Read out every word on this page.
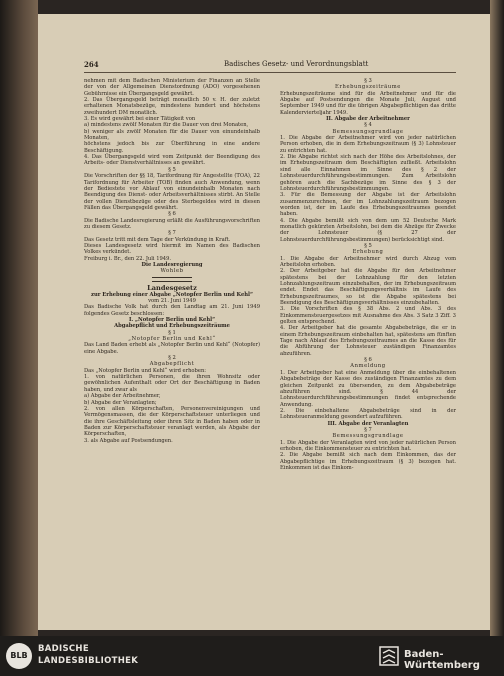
264	Badisches Gesetz- und Verordnungsblatt

nehmen mit dem Badischen Ministerium der Finanzen an Stelle der von der Allgemeinen Dienstordnung (ADO) vorgesehenen Gebührnisse ein Übergangsgeld gewährt.

2. Das Übergangsgeld beträgt monatlich 50 v. H. der zuletzt erhaltenen Monatsbezüge, mindestens hundert und höchstens zweihundert DM monatlich.

3. Es wird gewährt bei einer Tätigkeit von

a) mindestens zwölf Monaten für die Dauer von drei Monaten,

b) weniger als zwölf Monaten für die Dauer von einundeinhalb Monaten,

höchstens jedoch bis zur Überführung in eine andere Beschäftigung.

4. Das Übergangsgeld wird vom Zeitpunkt der Beendigung des Arbeits- oder Dienstverhältnisses an gewährt.

§ 5

Die Vorschriften der §§ 18, Tarifordnung für Angestellte (TOA), 22 Tarifordnung für Arbeiter (TOB) finden auch Anwendung, wenn der Bediestete vor Ablauf von einundeinhalb Monaten nach Beendigung des Dienst- oder Arbeitsverhältnisses stirbt. An Stelle der vollen Dienstbezüge oder des Sterbegeldes wird in diesen Fällen das Übergangsgeld gewährt.

§ 6

Die Badische Landesregierung erläßt die Ausführungsvorschriften zu diesem Gesetz.

§ 7

Das Gesetz tritt mit dem Tage der Verkündung in Kraft.

Dieses Landesgesetz wird hiermit im Namen des Badischen Volkes verkündet.

Freiburg i. Br., den 22. Juli 1949.

Die Landesregierung

Wohleb

Landesgesetz

zur Erhebung einer Abgabe „Notopfer Berlin und Kehl“

vom 21. Juni 1949

Das Badische Volk hat durch den Landtag am 21. Juni 1949 folgendes Gesetz beschlossen:

I. „Notopfer Berlin und Kehl“

Abgabepflicht und Erhebungszeiträume

§ 1

„Notopfer Berlin und Kehl“

Das Land Baden erhebt als „Notopfer Berlin und Kehl“ (Notopfer) eine Abgabe.

§ 2

Abgabepflicht

Das „Notopfer Berlin und Kehl“ wird erhoben:

1. von natürlichen Personen, die ihren Wohnsitz oder gewöhnlichen Aufenthalt oder Ort der Beschäftigung in Baden haben, und zwar als

a) Abgabe der Arbeitnehmer,

b) Abgabe der Veranlagten;

2. von allen Körperschaften, Personenvereinigungen und Vermögensmassen, die der Körperschaftsteuer unterliegen und die ihre Geschäftsleitung oder ihren Sitz in Baden haben oder in Baden zur Körperschaftsteuer veranlagt werden, als Abgabe der Körperschaften,

3. als Abgabe auf Postsendungen.

§ 3

Erhebungszeiträume

Erhebungszeiträume sind für die Arbeitnehmer und für die Abgabe auf Postsendungen die Monate Juli, August und September 1949 und für die übrigen Abgabepflichtigen das dritte Kalendervierteljahr 1949.

II. Abgabe der Arbeitnehmer

§ 4

Bemessungsgrundlage

1. Die Abgabe der Arbeitnehmer wird von jeder natürlichen Person erhoben, die in dem Erhebungszeitraum (§ 3) Lohnsteuer zu entrichten hat.

2. Die Abgabe richtet sich nach der Höhe des Arbeitslohnes, der im Erhebungszeitraum dem Beschäftigten zufließt. Arbeitslohn sind alle Einnahmen im Sinne des § 2 der Lohnsteuerdurchführungsbestimmungen. Zum Arbeitslohn gehören auch die Sachbezüge im Sinne des § 3 der Lohnsteuerdurchführungsbestimmungen.

3. Für die Bemessung der Abgabe ist der Arbeitslohn zusammenzurechnen, der im Lohnzahlungszeitraum bezogen worden ist, der im Laufe des Erhebungszeitraumes geendet haben.

4. Die Abgabe bemißt sich von dem um 52 Deutsche Mark monatlich gekürzten Arbeitslohn, bei dem die Abzüge für Zwecke der Lohnsteuer (§ 27 der Lohnsteuerdurchführungsbestimmungen) berücksichtigt sind.

§ 5

Erhebung

1. Die Abgabe der Arbeitnehmer wird durch Abzug vom Arbeitslohn erhoben.

2. Der Arbeitgeber hat die Abgabe für den Arbeitnehmer spätestens bei der Lohnzahlung für den letzten Lohnzahlungszeitraum einzubehalten, der im Erhebungszeitraum endet. Endet das Beschäftigungsverhältnis im Laufe des Erhebungszeitraumes, so ist die Abgabe spätestens bei Beendigung des Beschäftigungsverhältnisses einzubehalten.

3. Die Vorschriften des § 38 Abs. 2 und Abs. 3 des Einkommensteuergesetzes mit Ausnahme des Abs. 3 Satz 3 Ziff. 3 gelten entsprechend.

4. Der Arbeitgeber hat die gesamte Abgabebeträge, die er in einem Erhebungszeitraum einbehalten hat, spätestens am fünften Tage nach Ablauf des Erhebungszeitraumes an die Kasse des für die Abführung der Lohnsteuer zuständigen Finanzamtes abzuführen.

§ 6

Anmeldung

1. Der Arbeitgeber hat eine Anmeldung über die einbehaltenen Abgabebeträge der Kasse des zuständigen Finanzamtes zu dem gleichen Zeitpunkt zu übersenden, zu dem Abgabebeträge abzuführen sind. § 44 der Lohnsteuerdurchführungsbestimmungen findet entsprechende Anwendung.

2. Die einbehaltene Abgabebeträge sind in der Lohnsteueranmeldung gesondert aufzuführen.

III. Abgabe der Veranlagten

§ 7

Bemessungsgrundlage

1. Die Abgabe der Veranlagten wird von jeder natürlichen Person erhoben, die Einkommensteuer zu entrichten hat.

2. Die Abgabe bemißt sich nach dem Einkommen, das der Abgabepflichtige im Erhebungszeitraum (§ 3) bezogen hat. Einkommen ist das Einkom-

BLB
BADISCHE
LANDESBIBLIOTHEK
Baden-Württemberg
